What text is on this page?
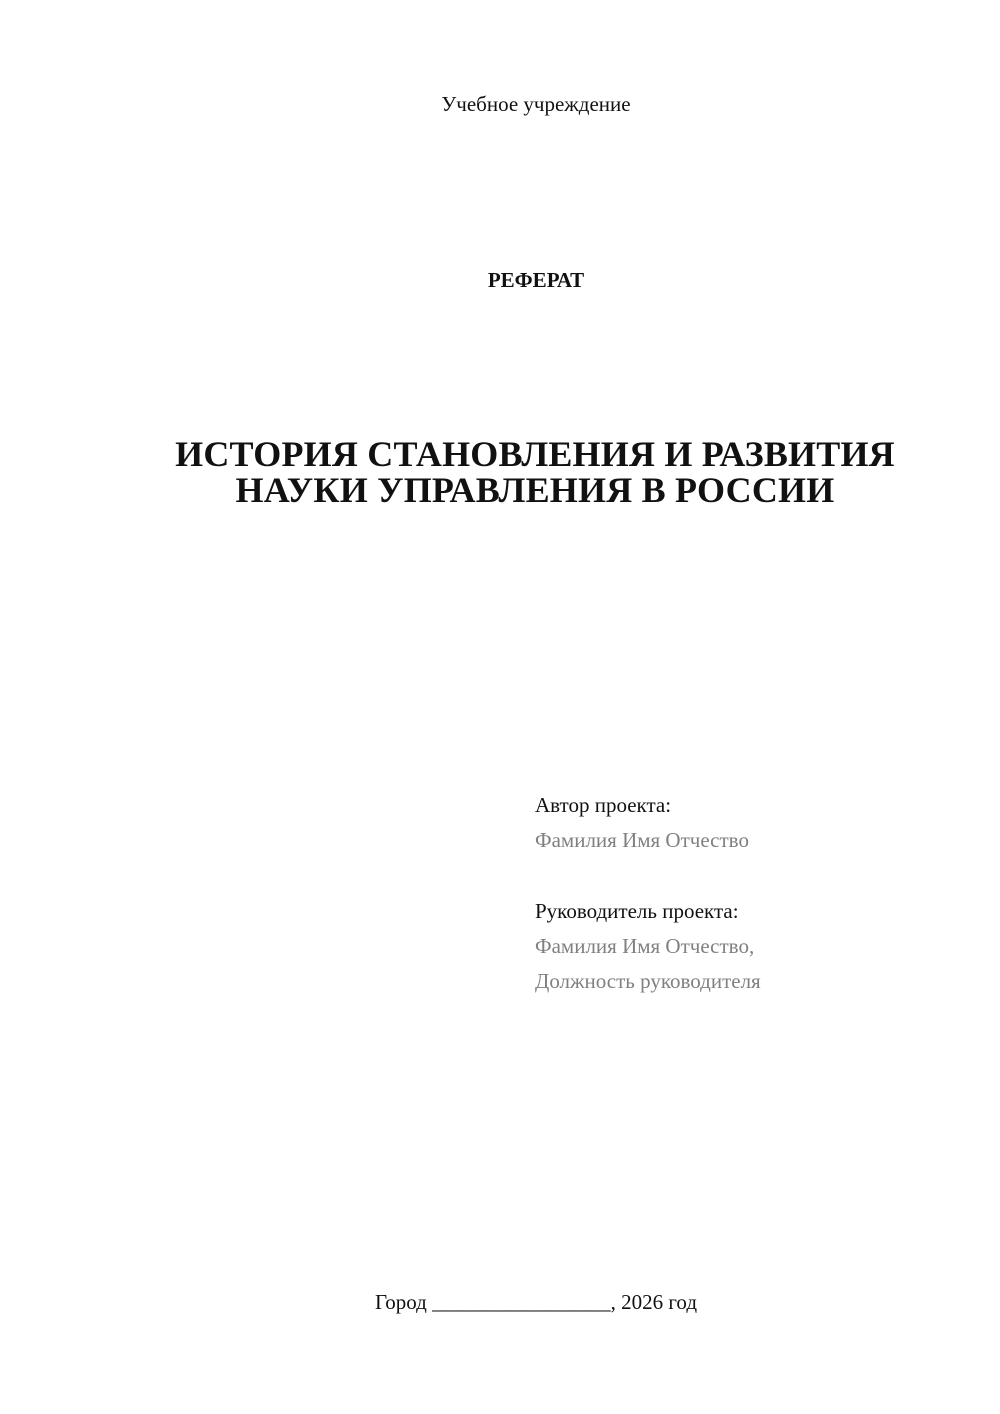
Учебное учреждение
РЕФЕРАТ
ИСТОРИЯ СТАНОВЛЕНИЯ И РАЗВИТИЯ
НАУКИ УПРАВЛЕНИЯ В РОССИИ
Автор проекта:
Фамилия Имя Отчество
Руководитель проекта:
Фамилия Имя Отчество,
Должность руководителя
Город _________________, 2026 год
